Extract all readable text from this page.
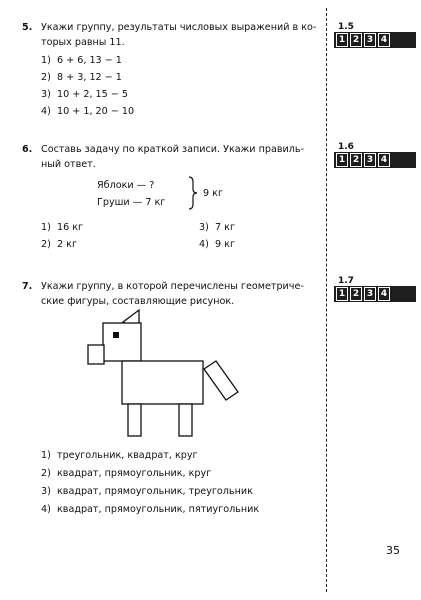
5. Укажи группу, результаты числовых выражений в ко-
торых равны 11.
1) 6 + 6, 13 − 1
2) 8 + 3, 12 − 1
3) 10 + 2, 15 − 5
4) 10 + 1, 20 − 10
6. Составь задачу по краткой записи. Укажи правиль-
ный ответ.
Яблоки — ?
Груши — 7 кг
9 кг
1) 16 кг	3) 7 кг
2) 2 кг	4) 9 кг
7. Укажи группу, в которой перечислены геометриче-
ские фигуры, составляющие рисунок.
1) треугольник, квадрат, круг
2) квадрат, прямоугольник, круг
3) квадрат, прямоугольник, треугольник
4) квадрат, прямоугольник, пятиугольник
1.5
1 2 3 4
1.6
1 2 3 4
1.7
1 2 3 4
35
